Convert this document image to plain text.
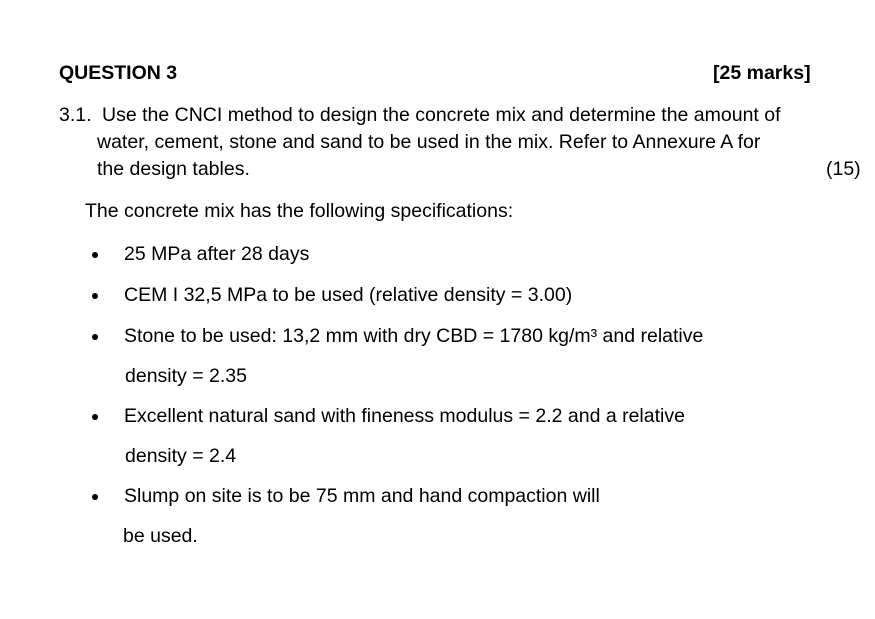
QUESTION 3	[25 marks]
3.1. Use the CNCI method to design the concrete mix and determine the amount of
water, cement, stone and sand to be used in the mix. Refer to Annexure A for
the design tables.	(15)
The concrete mix has the following specifications:
25 MPa after 28 days
CEM I 32,5 MPa to be used (relative density = 3.00)
Stone to be used: 13,2 mm with dry CBD = 1780 kg/m³ and relative
density = 2.35
Excellent natural sand with fineness modulus = 2.2 and a relative
density = 2.4
Slump on site is to be 75 mm and hand compaction will
be used.
